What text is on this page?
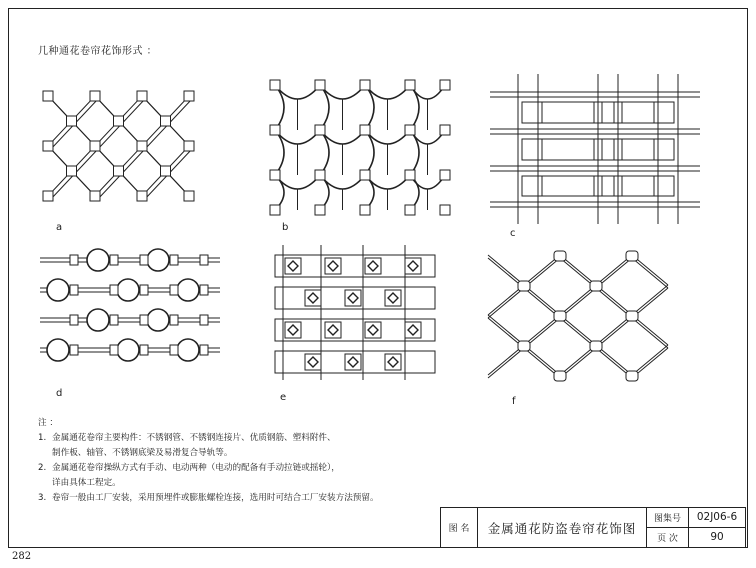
几种通花卷帘花饰形式 ：
a	b
c
d	e	f
注 ：
1. 金属通花卷帘主要构件：不锈钢管、不锈钢连接片、优质钢筋、塑料附件、
制作板、轴管、不锈钢底梁及易滑复合导轨等。
2. 金属通花卷帘操纵方式有手动、电动两种（电动的配备有手动拉链或摇轮），
详由具体工程定。
3. 卷帘一般由工厂安装，采用预埋件或膨胀螺栓连接，选用时可结合工厂安装方法预留。
图 名	金属通花防盗卷帘花饰图
图集号	02J06-6
页 次	90
282
